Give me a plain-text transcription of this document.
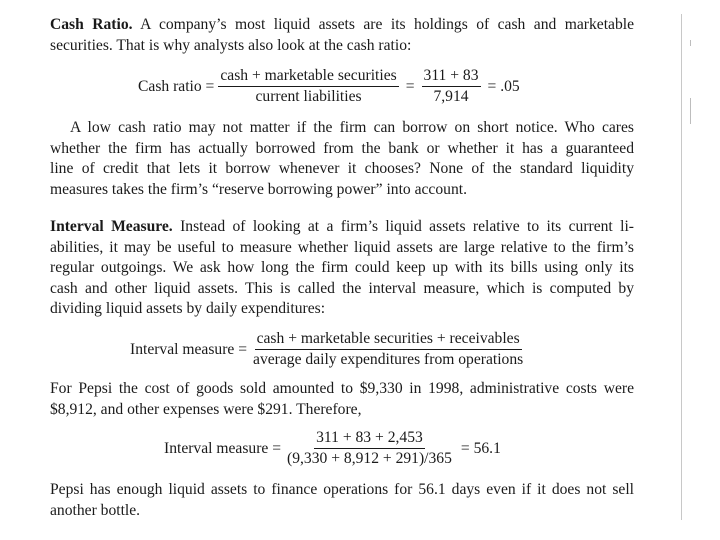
Cash Ratio. A company’s most liquid assets are its holdings of cash and marketable
securities. That is why analysts also look at the cash ratio:
Cash ratio = $\frac{\text{cash + marketable securities}}{\text{current liabilities}} = \frac{311 + 83}{7,914} = .05$
A low cash ratio may not matter if the firm can borrow on short notice. Who cares
whether the firm has actually borrowed from the bank or whether it has a guaranteed
line of credit that lets it borrow whenever it chooses? None of the standard liquidity
measures takes the firm’s “reserve borrowing power” into account.
Interval Measure. Instead of looking at a firm’s liquid assets relative to its current li-
abilities, it may be useful to measure whether liquid assets are large relative to the firm’s
regular outgoings. We ask how long the firm could keep up with its bills using only its
cash and other liquid assets. This is called the interval measure, which is computed by
dividing liquid assets by daily expenditures:
Interval measure = $\frac{\text{cash + marketable securities + receivables}}{\text{average daily expenditures from operations}}$
For Pepsi the cost of goods sold amounted to $9,330 in 1998, administrative costs were
$8,912, and other expenses were $291. Therefore,
Interval measure = $\frac{311 + 83 + 2,453}{(9,330 + 8,912 + 291)/365} = 56.1$
Pepsi has enough liquid assets to finance operations for 56.1 days even if it does not sell
another bottle.
